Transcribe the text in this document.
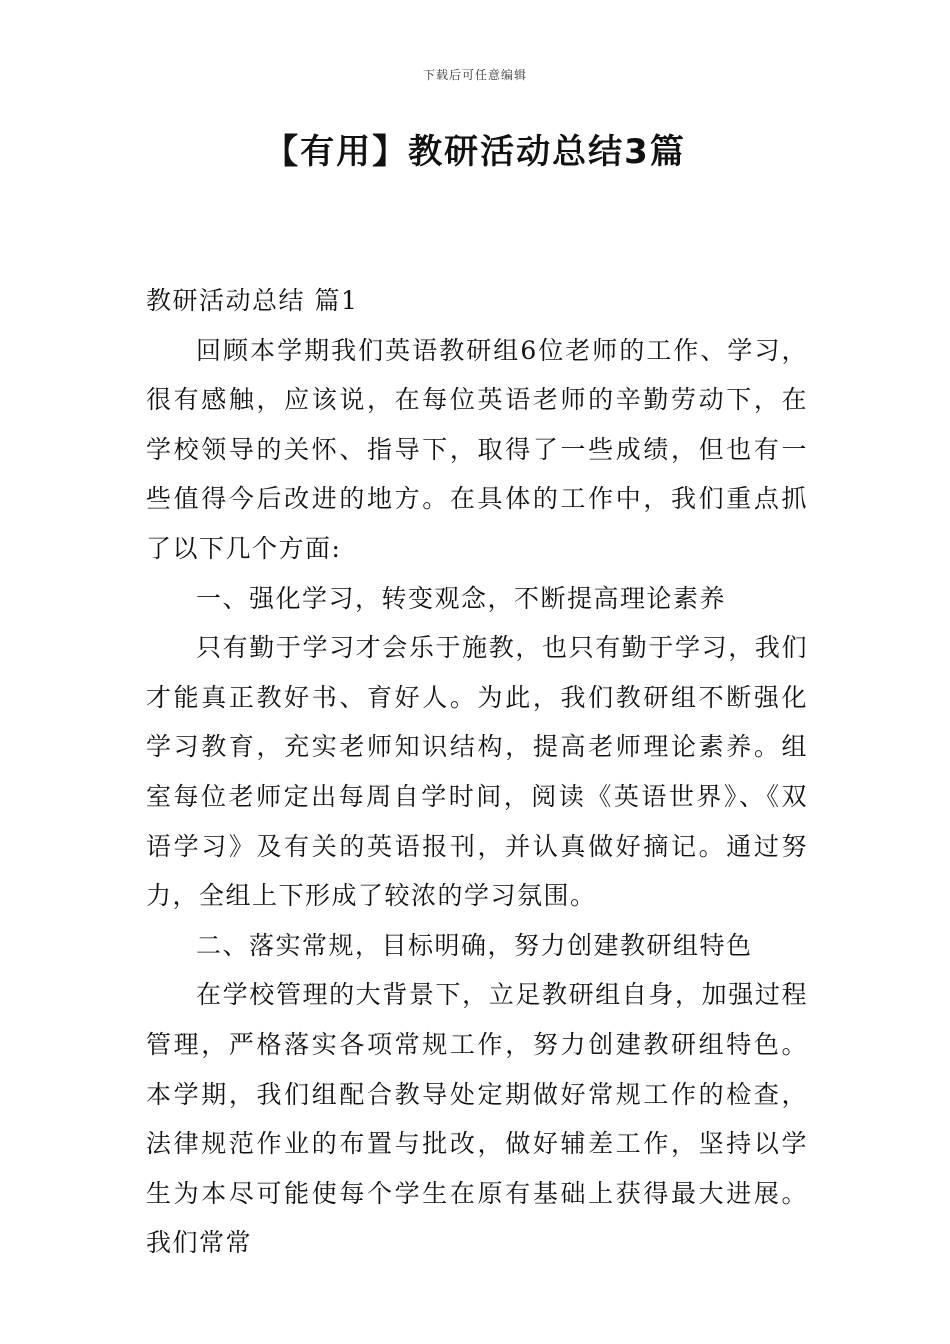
下载后可任意编辑
【有用】教研活动总结3篇
教研活动总结 篇1

回顾本学期我们英语教研组6位老师的工作、学习，很有感触，应该说，在每位英语老师的辛勤劳动下，在学校领导的关怀、指导下，取得了一些成绩，但也有一些值得今后改进的地方。在具体的工作中，我们重点抓了以下几个方面:

一、强化学习，转变观念，不断提高理论素养

只有勤于学习才会乐于施教，也只有勤于学习，我们才能真正教好书、育好人。为此，我们教研组不断强化学习教育，充实老师知识结构，提高老师理论素养。组室每位老师定出每周自学时间，阅读《英语世界》、《双语学习》及有关的英语报刊，并认真做好摘记。通过努力，全组上下形成了较浓的学习氛围。

二、落实常规，目标明确，努力创建教研组特色

在学校管理的大背景下，立足教研组自身，加强过程管理，严格落实各项常规工作，努力创建教研组特色。本学期，我们组配合教导处定期做好常规工作的检查，法律规范作业的布置与批改，做好辅差工作，坚持以学生为本尽可能使每个学生在原有基础上获得最大进展。我们常常
